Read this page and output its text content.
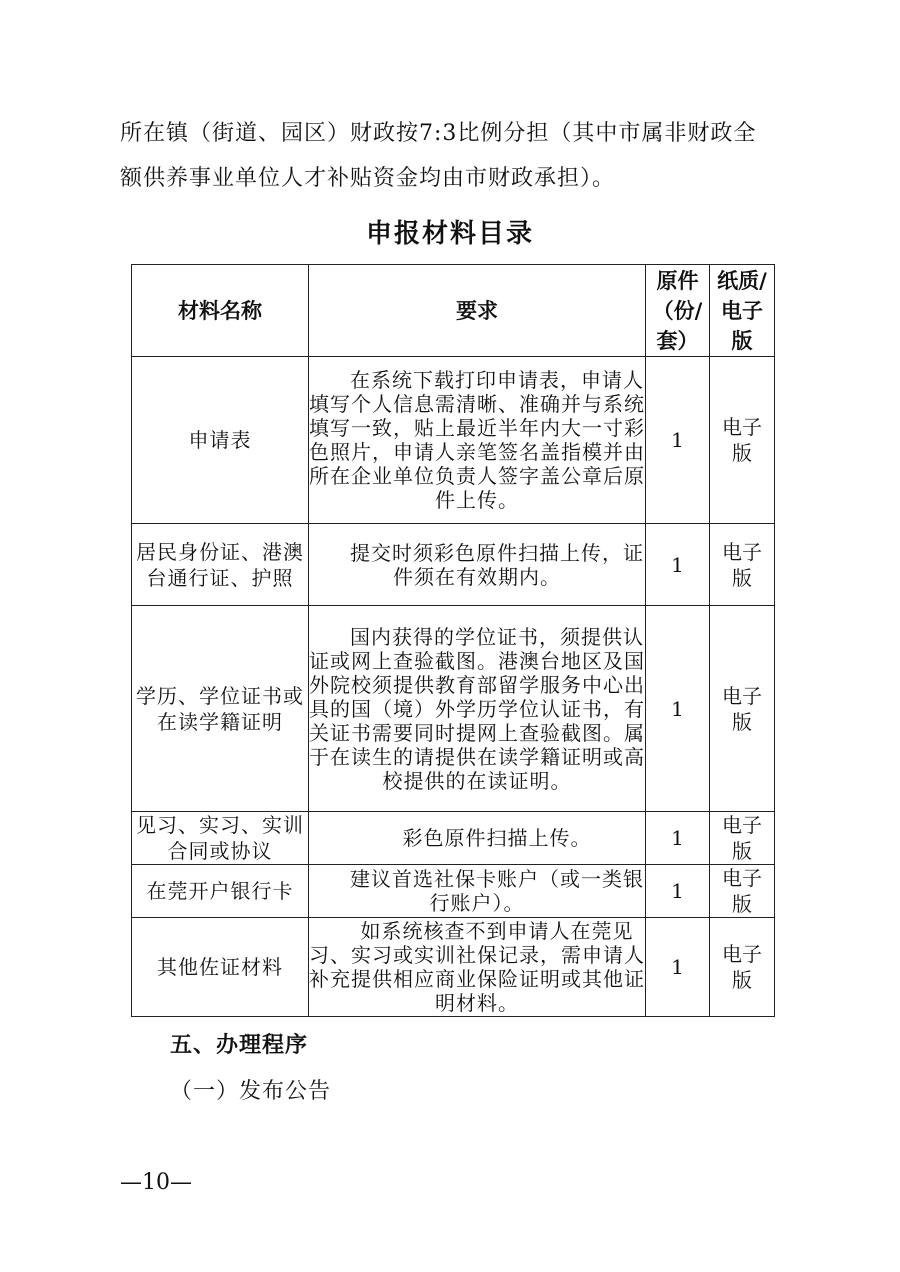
所在镇（街道、园区）财政按7:3比例分担（其中市属非财政全

额供养事业单位人才补贴资金均由市财政承担）。

申报材料目录
材料名称	要求	原件（份/套）	纸质/电子版
申请表	在系统下载打印申请表，申请人填写个人信息需清晰、准确并与系统填写一致，贴上最近半年内大一寸彩色照片，申请人亲笔签名盖指模并由所在企业单位负责人签字盖公章后原件上传。	1	电子版
居民身份证、港澳台通行证、护照	提交时须彩色原件扫描上传，证件须在有效期内。	1	电子版
学历、学位证书或在读学籍证明	国内获得的学位证书，须提供认证或网上查验截图。港澳台地区及国外院校须提供教育部留学服务中心出具的国（境）外学历学位认证书，有关证书需要同时提网上查验截图。属于在读生的请提供在读学籍证明或高校提供的在读证明。	1	电子版
见习、实习、实训合同或协议	彩色原件扫描上传。	1	电子版
在莞开户银行卡	建议首选社保卡账户（或一类银行账户）。	1	电子版
其他佐证材料	如系统核查不到申请人在莞见习、实习或实训社保记录，需申请人补充提供相应商业保险证明或其他证明材料。	1	电子版
五、办理程序
（一）发布公告
—10—
